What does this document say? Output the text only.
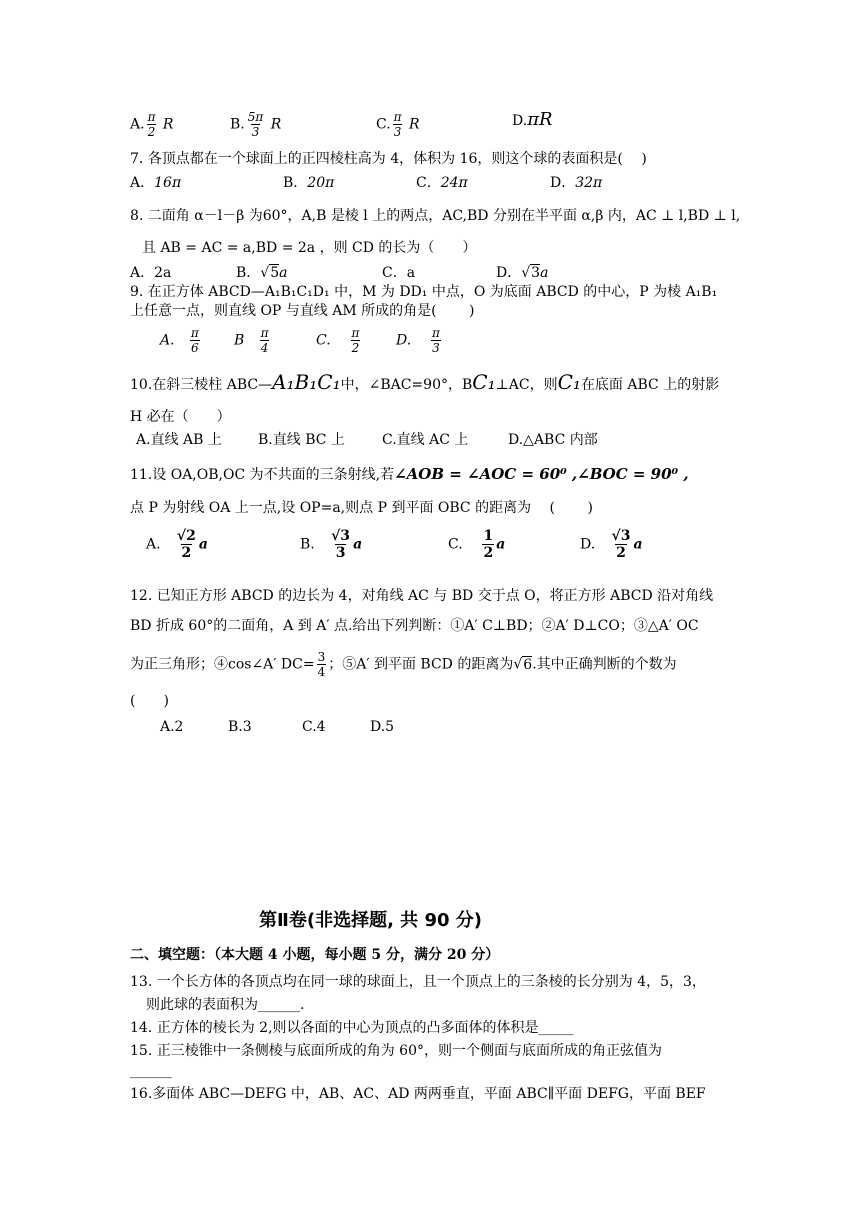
A. $\frac{\pi}{2}$ R	B. $\frac{5\pi}{3}$ R	C. $\frac{\pi}{3}$ R	D.πR
7. 各顶点都在一个球面上的正四棱柱高为 4，体积为 16，则这个球的表面积是(　 )
A．16π	B．20π	C．24π	D．32π
8. 二面角 α－l－β 为60°，A,B 是棱 l 上的两点，AC,BD 分别在半平面 α,β 内，AC ⊥ l,BD ⊥ l,
且 AB = AC = a,BD = 2a ，则 CD 的长为（　　）
A．2a	B．√5a	C．a	D．√3a
9. 在正方体 ABCD—A₁B₁C₁D₁ 中，M 为 DD₁ 中点，O 为底面 ABCD 的中心，P 为棱 A₁B₁
上任意一点，则直线 OP 与直线 AM 所成的角是(　 　)
A. $\frac{\pi}{6}$ B $\frac{\pi}{4}$	C. $\frac{\pi}{2}$	D. $\frac{\pi}{3}$
10.在斜三棱柱 ABC—A₁B₁C₁中，∠BAC=90°，BC₁⊥AC，则C₁在底面 ABC 上的射影
H 必在（　　）
A.直线 AB 上	B.直线 BC 上	C.直线 AC 上	D.△ABC 内部
11.设 OA,OB,OC 为不共面的三条射线,若∠AOB = ∠AOC = 60⁰ ,∠BOC = 90⁰ ,
点 P 为射线 OA 上一点,设 OP=a,则点 P 到平面 OBC 的距离为　 (　　 )
A. $\frac{√2}{2}$ a	B. $\frac{√3}{3}$ a	C. $\frac{1}{2}$ a	D. $\frac{√3}{2}$ a
12. 已知正方形 ABCD 的边长为 4，对角线 AC 与 BD 交于点 O，将正方形 ABCD 沿对角线
BD 折成 60°的二面角，A 到 A′ 点.给出下列判断：①A′ C⊥BD；②A′ D⊥CO；③△A′ OC
为正三角形；④cos∠A′ $DC= \frac{3}{4}$ ；⑤A′ 到平面 BCD 的距离为√6.其中正确判断的个数为
(　　)
A.2	B.3	C.4	D.5
第Ⅱ卷(非选择题, 共 90 分)
二、填空题：（本大题 4 小题，每小题 5 分，满分 20 分）
13. 一个长方体的各顶点均在同一球的球面上，且一个顶点上的三条棱的长分别为 4，5，3，
则此球的表面积为______.
14. 正方体的棱长为 2,则以各面的中心为顶点的凸多面体的体积是_____
15. 正三棱锥中一条侧棱与底面所成的角为 60°，则一个侧面与底面所成的角正弦值为
______
16.多面体 ABC—DEFG 中，AB、AC、AD 两两垂直，平面 ABC∥平面 DEFG，平面 BEF
